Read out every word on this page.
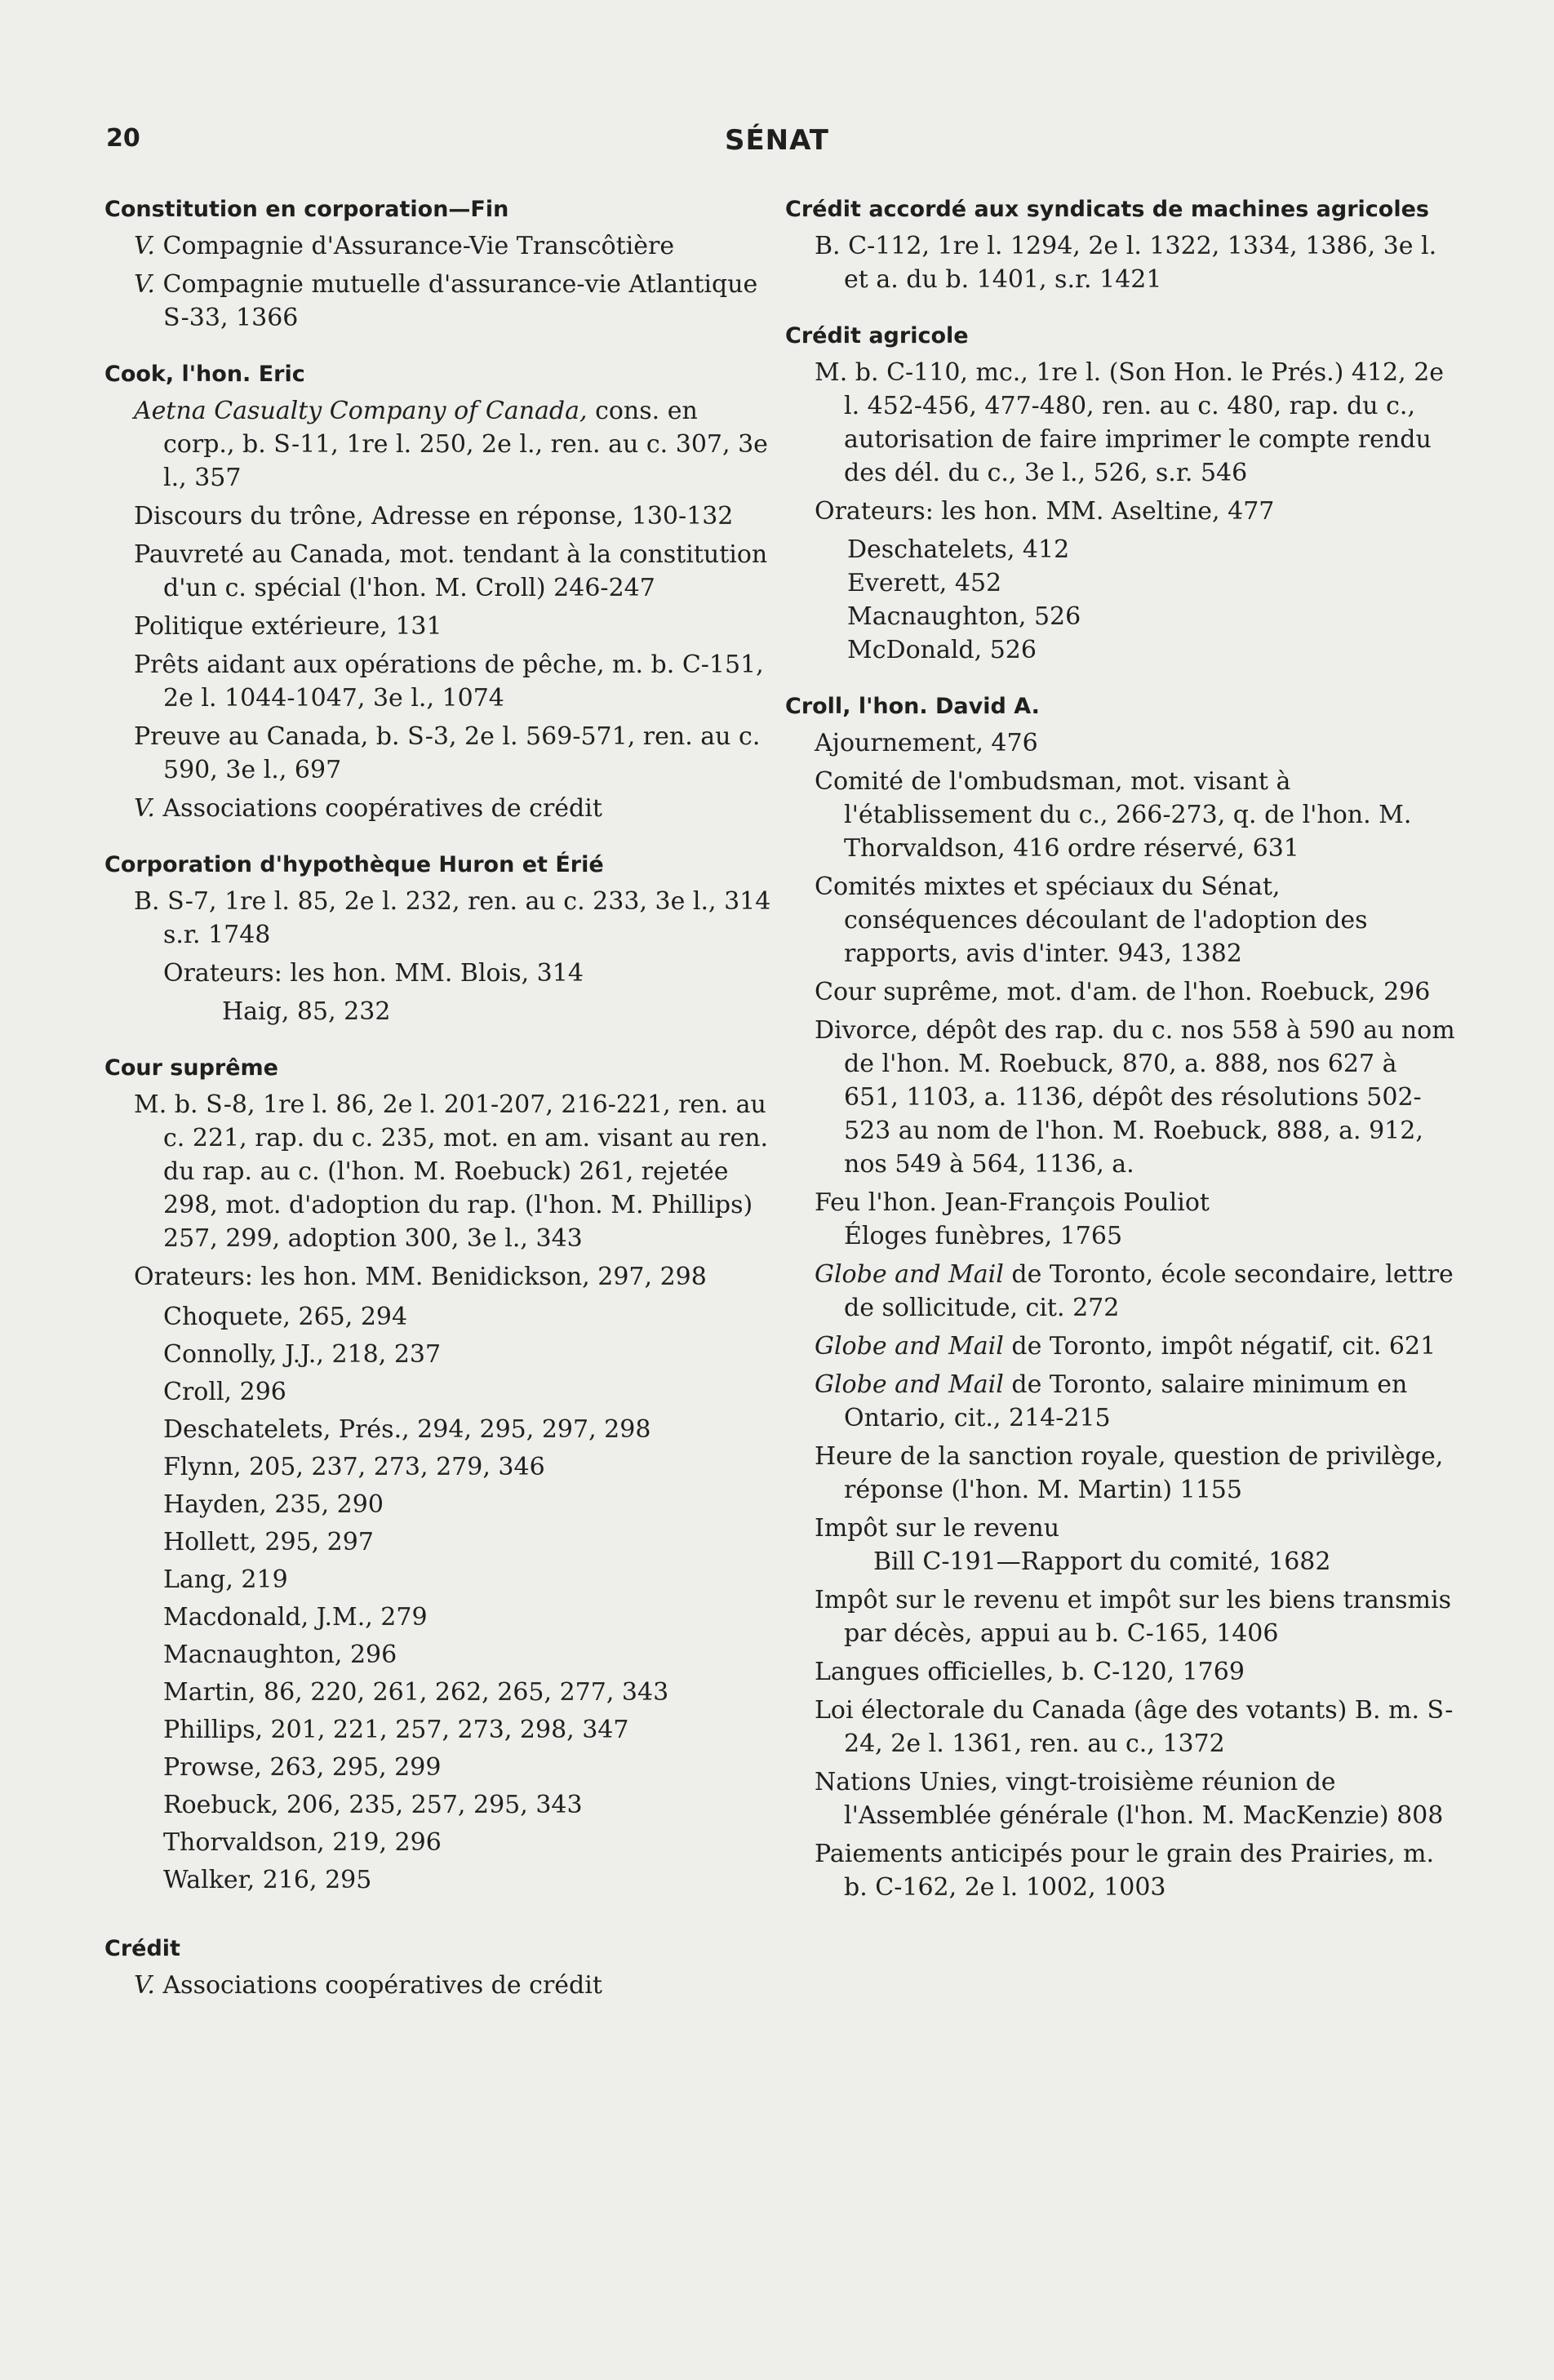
20	SÉNAT
Constitution en corporation—Fin
V. Compagnie d'Assurance-Vie Transcôtière
V. Compagnie mutuelle d'assurance-vie Atlantique S-33, 1366
Cook, l'hon. Eric
Aetna Casualty Company of Canada, cons. en corp., b. S-11, 1re l. 250, 2e l., ren. au c. 307, 3e l., 357
Discours du trône, Adresse en réponse, 130-132
Pauvreté au Canada, mot. tendant à la constitution d'un c. spécial (l'hon. M. Croll) 246-247
Politique extérieure, 131
Prêts aidant aux opérations de pêche, m. b. C-151, 2e l. 1044-1047, 3e l., 1074
Preuve au Canada, b. S-3, 2e l. 569-571, ren. au c. 590, 3e l., 697
V. Associations coopératives de crédit
Corporation d'hypothèque Huron et Érié
B. S-7, 1re l. 85, 2e l. 232, ren. au c. 233, 3e l., 314 s.r. 1748
Orateurs: les hon. MM. Blois, 314
Haig, 85, 232
Cour suprême
M. b. S-8, 1re l. 86, 2e l. 201-207, 216-221, ren. au c. 221, rap. du c. 235, mot. en am. visant au ren. du rap. au c. (l'hon. M. Roebuck) 261, rejetée 298, mot. d'adoption du rap. (l'hon. M. Phillips) 257, 299, adoption 300, 3e l., 343
Orateurs: les hon. MM. Benidickson, 297, 298
Choquete, 265, 294
Connolly, J.J., 218, 237
Croll, 296
Deschatelets, Prés., 294, 295, 297, 298
Flynn, 205, 237, 273, 279, 346
Hayden, 235, 290
Hollett, 295, 297
Lang, 219
Macdonald, J.M., 279
Macnaughton, 296
Martin, 86, 220, 261, 262, 265, 277, 343
Phillips, 201, 221, 257, 273, 298, 347
Prowse, 263, 295, 299
Roebuck, 206, 235, 257, 295, 343
Thorvaldson, 219, 296
Walker, 216, 295
Crédit
V. Associations coopératives de crédit
Crédit accordé aux syndicats de machines agricoles
B. C-112, 1re l. 1294, 2e l. 1322, 1334, 1386, 3e l. et a. du b. 1401, s.r. 1421
Crédit agricole
M. b. C-110, mc., 1re l. (Son Hon. le Prés.) 412, 2e l. 452-456, 477-480, ren. au c. 480, rap. du c., autorisation de faire imprimer le compte rendu des dél. du c., 3e l., 526, s.r. 546
Orateurs: les hon. MM. Aseltine, 477
Deschatelets, 412
Everett, 452
Macnaughton, 526
McDonald, 526
Croll, l'hon. David A.
Ajournement, 476
Comité de l'ombudsman, mot. visant à l'établissement du c., 266-273, q. de l'hon. M. Thorvaldson, 416 ordre réservé, 631
Comités mixtes et spéciaux du Sénat, conséquences découlant de l'adoption des rapports, avis d'inter. 943, 1382
Cour suprême, mot. d'am. de l'hon. Roebuck, 296
Divorce, dépôt des rap. du c. nos 558 à 590 au nom de l'hon. M. Roebuck, 870, a. 888, nos 627 à 651, 1103, a. 1136, dépôt des résolutions 502-523 au nom de l'hon. M. Roebuck, 888, a. 912, nos 549 à 564, 1136, a.
Feu l'hon. Jean-François Pouliot
Éloges funèbres, 1765
Globe and Mail de Toronto, école secondaire, lettre de sollicitude, cit. 272
Globe and Mail de Toronto, impôt négatif, cit. 621
Globe and Mail de Toronto, salaire minimum en Ontario, cit., 214-215
Heure de la sanction royale, question de privilège, réponse (l'hon. M. Martin) 1155
Impôt sur le revenu
Bill C-191—Rapport du comité, 1682
Impôt sur le revenu et impôt sur les biens transmis par décès, appui au b. C-165, 1406
Langues officielles, b. C-120, 1769
Loi électorale du Canada (âge des votants) B. m. S-24, 2e l. 1361, ren. au c., 1372
Nations Unies, vingt-troisième réunion de l'Assemblée générale (l'hon. M. MacKenzie) 808
Paiements anticipés pour le grain des Prairies, m. b. C-162, 2e l. 1002, 1003
